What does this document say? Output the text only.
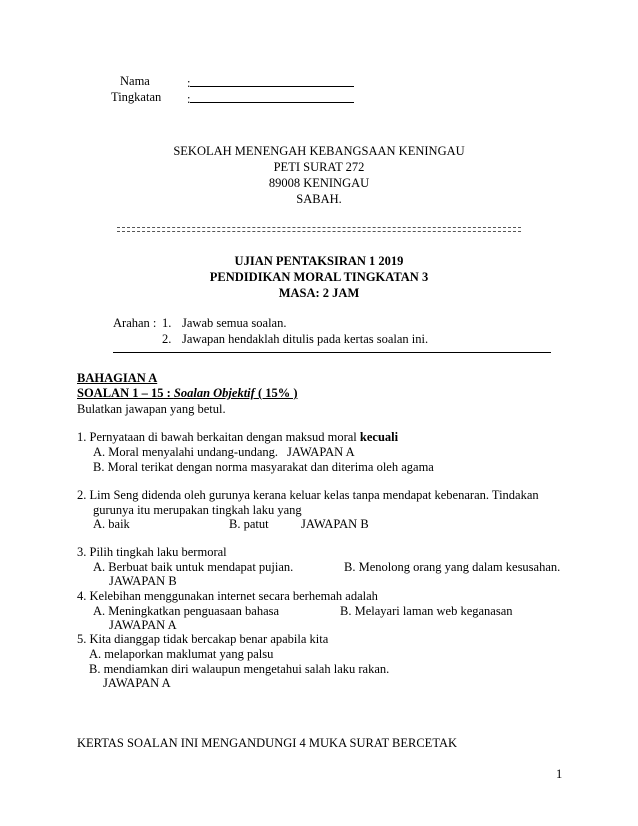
Nama	:
Tingkatan :
SEKOLAH MENENGAH KEBANGSAAN KENINGAU
PETI SURAT 272
89008 KENINGAU
SABAH.
UJIAN PENTAKSIRAN 1 2019
PENDIDIKAN MORAL TINGKATAN 3
MASA: 2 JAM
Arahan : 1. Jawab semua soalan.
2. Jawapan hendaklah ditulis pada kertas soalan ini.
BAHAGIAN A
SOALAN 1 – 15 : Soalan Objektif ( 15% )
Bulatkan jawapan yang betul.
1. Pernyataan di bawah berkaitan dengan maksud moral kecuali
A. Moral menyalahi undang-undang. JAWAPAN A
B. Moral terikat dengan norma masyarakat dan diterima oleh agama
2. Lim Seng didenda oleh gurunya kerana keluar kelas tanpa mendapat kebenaran. Tindakan
gurunya itu merupakan tingkah laku yang
A. baik	B. patut	JAWAPAN B
3. Pilih tingkah laku bermoral
A. Berbuat baik untuk mendapat pujian.	B. Menolong orang yang dalam kesusahan.
JAWAPAN B
4. Kelebihan menggunakan internet secara berhemah adalah
A. Meningkatkan penguasaan bahasa	B. Melayari laman web keganasan
JAWAPAN A
5. Kita dianggap tidak bercakap benar apabila kita
A. melaporkan maklumat yang palsu
B. mendiamkan diri walaupun mengetahui salah laku rakan.
JAWAPAN A
KERTAS SOALAN INI MENGANDUNGI 4 MUKA SURAT BERCETAK
1
